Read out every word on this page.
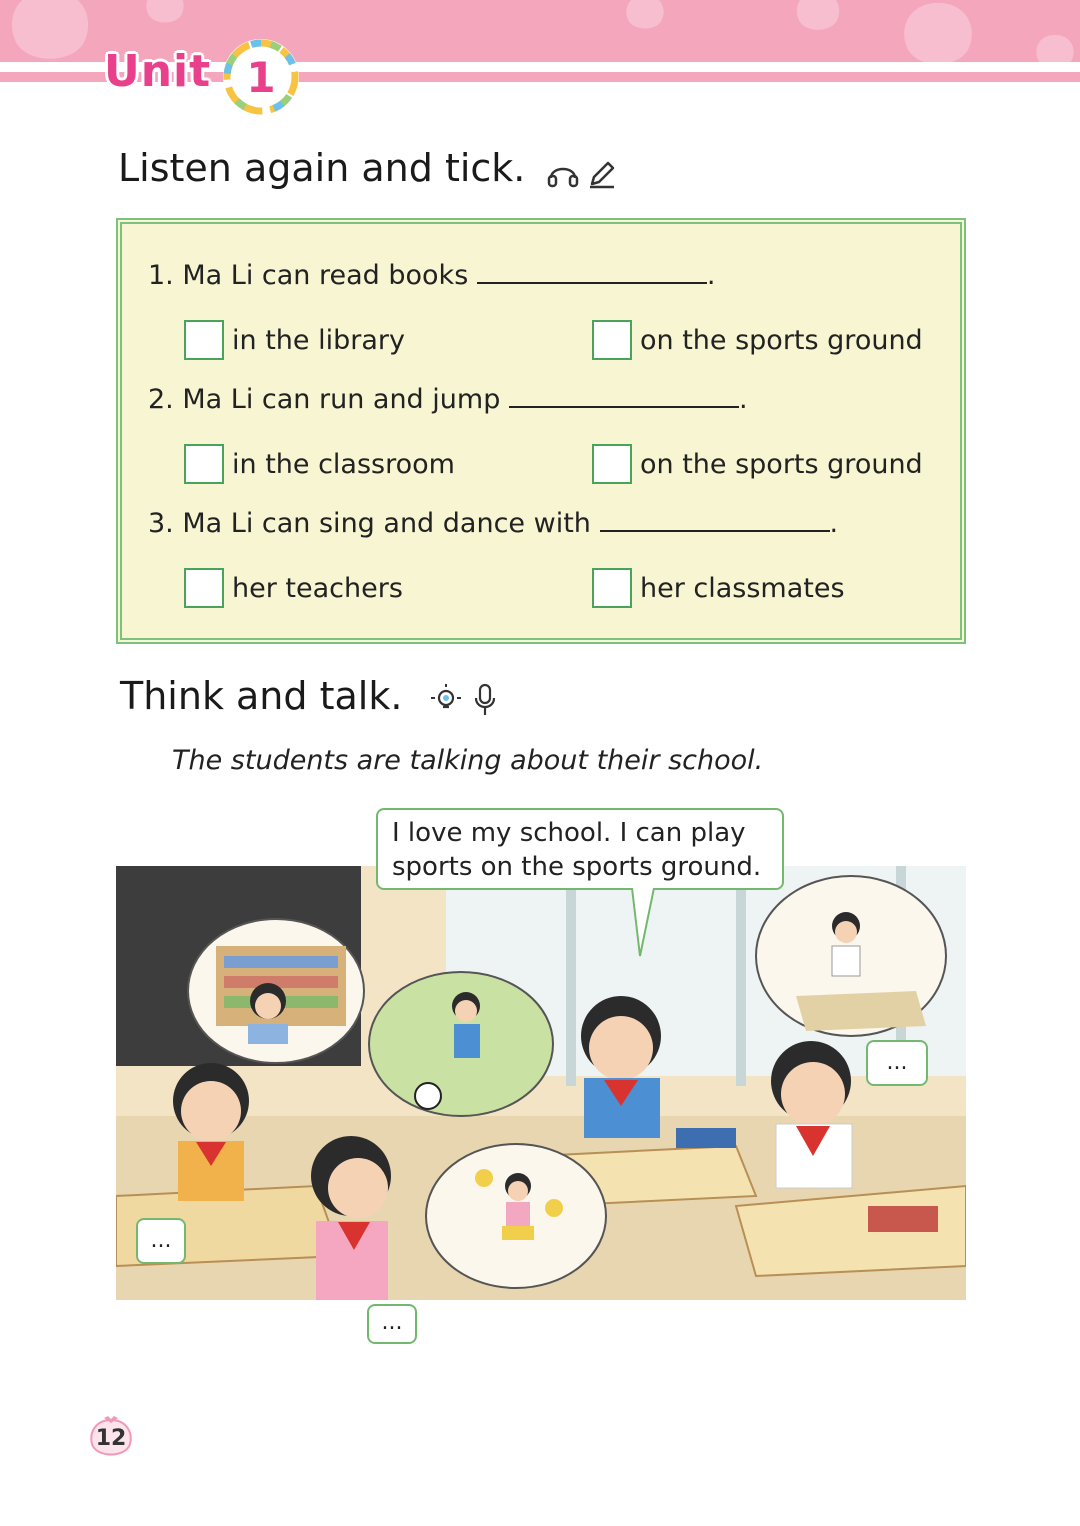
Unit 1
Listen again and tick.
1. Ma Li can read books	.
in the library	on the sports ground
2. Ma Li can run and jump	.
in the classroom	on the sports ground
3. Ma Li can sing and dance with	.
her teachers	her classmates
Think and talk.
The students are talking about their school.
I love my school. I can play
sports on the sports ground.
...
...
...
12
